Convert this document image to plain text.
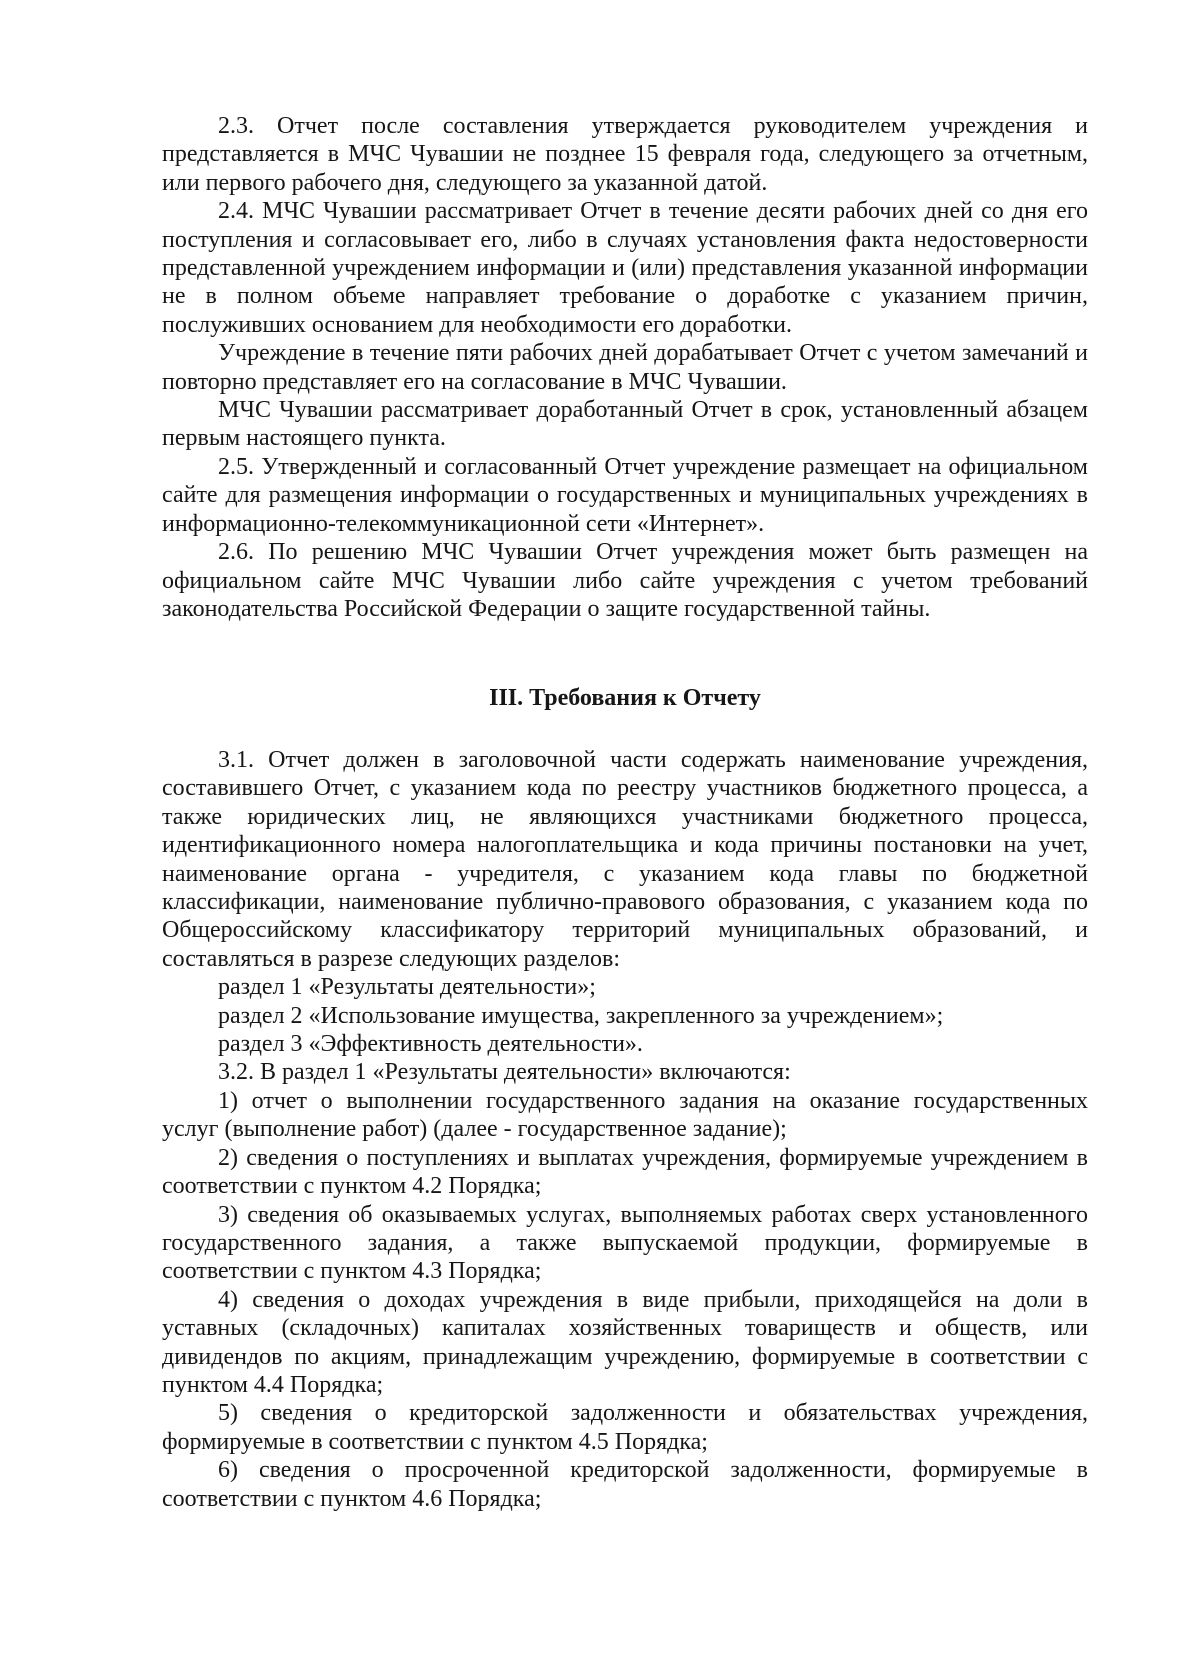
2.3. Отчет после составления утверждается руководителем учреждения и представляется в МЧС Чувашии не позднее 15 февраля года, следующего за отчетным, или первого рабочего дня, следующего за указанной датой.

2.4. МЧС Чувашии рассматривает Отчет в течение десяти рабочих дней со дня его поступления и согласовывает его, либо в случаях установления факта недостоверности представленной учреждением информации и (или) представления указанной информации не в полном объеме направляет требование о доработке с указанием причин, послуживших основанием для необходимости его доработки.

Учреждение в течение пяти рабочих дней дорабатывает Отчет с учетом замечаний и повторно представляет его на согласование в МЧС Чувашии.

МЧС Чувашии рассматривает доработанный Отчет в срок, установленный абзацем первым настоящего пункта.

2.5. Утвержденный и согласованный Отчет учреждение размещает на официальном сайте для размещения информации о государственных и муниципальных учреждениях в информационно-телекоммуникационной сети «Интернет».

2.6. По решению МЧС Чувашии Отчет учреждения может быть размещен на официальном сайте МЧС Чувашии либо сайте учреждения с учетом требований законодательства Российской Федерации о защите государственной тайны.

III. Требования к Отчету

3.1. Отчет должен в заголовочной части содержать наименование учреждения, составившего Отчет, с указанием кода по реестру участников бюджетного процесса, а также юридических лиц, не являющихся участниками бюджетного процесса, идентификационного номера налогоплательщика и кода причины постановки на учет, наименование органа - учредителя, с указанием кода главы по бюджетной классификации, наименование публично-правового образования, с указанием кода по Общероссийскому классификатору территорий муниципальных образований, и составляться в разрезе следующих разделов:

раздел 1 «Результаты деятельности»;

раздел 2 «Использование имущества, закрепленного за учреждением»;

раздел 3 «Эффективность деятельности».

3.2. В раздел 1 «Результаты деятельности» включаются:

1) отчет о выполнении государственного задания на оказание государственных услуг (выполнение работ) (далее - государственное задание);

2) сведения о поступлениях и выплатах учреждения, формируемые учреждением в соответствии с пунктом 4.2 Порядка;

3) сведения об оказываемых услугах, выполняемых работах сверх установленного государственного задания, а также выпускаемой продукции, формируемые в соответствии с пунктом 4.3 Порядка;

4) сведения о доходах учреждения в виде прибыли, приходящейся на доли в уставных (складочных) капиталах хозяйственных товариществ и обществ, или дивидендов по акциям, принадлежащим учреждению, формируемые в соответствии с пунктом 4.4 Порядка;

5) сведения о кредиторской задолженности и обязательствах учреждения, формируемые в соответствии с пунктом 4.5 Порядка;

6) сведения о просроченной кредиторской задолженности, формируемые в соответствии с пунктом 4.6 Порядка;
